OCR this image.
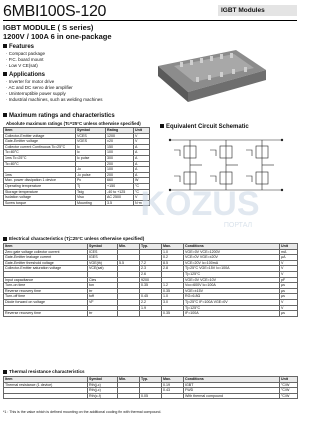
6MBI100S-120	IGBT Modules
IGBT MODULE ( S series)
1200V / 100A 6 in one-package
Features
· Compact package
· P.C. board mount
· Low V CE(sat)
Applications
· Inverter for motor drive
· AC and DC servo drive amplifier
· Uninterruptible power supply
· Industrial machines, such as welding machines
Maximum ratings and characteristics
Absolute maximum ratings (Tc=25°C unless otherwise specified)
Item	Symbol	Rating	Unit
Collector-Emitter voltage	VCES	1200	V
Gate-Emitter voltage	VGES	±20	V
Collector current Continuous Tc=25°C	Ic	150	A
Tc=80°C	Ic	100	A
1ms Tc=25°C	Ic pulse	300	A
Tc=80°C		200	A
	-Ic	100	A
1ms	-Ic pulse	200	A
Max. power dissipation 1 device	Pc	660	W
Operating temperature	Tj	+150	°C
Storage temperature	Tstg	-40 to +125	°C
Isolation voltage	Viso	AC 2500	V
Screw torque	Mounting	3.5	N·m
Equivalent Circuit Schematic
KOZUS
ПОРТАЛ
Electrical characteristics (Tj=25°C unless otherwise specified)
Item	Symbol	Min.	Typ.	Max.	Conditions	Unit
Zero gate voltage collector current	ICES			1.0	VGE=0V VCE=1200V	mA
Gate-Emitter leakage current	IGES			0.2	VCE=0V VGE=±20V	μA
Gate-Emitter threshold voltage	VGE(th)	5.5	7.2	8.5	VCE=20V Ic=100mA	V
Collector-Emitter saturation voltage	VCE(sat)		2.3	2.8	Tj=25°C VGE=15V Ic=100A	V
			2.6		Tj=125°C	V
Input capacitance	Cies		9200		VGE=0V VCE=10V	pF
Turn-on time	ton		0.35	1.2	Vcc=600V Ic=100A	μs
Reverse recovery time	trr			0.35	VGE=±15V	μs
Turn-off time	toff		0.45	1.0	RG=6.8Ω	μs
Diode forward on voltage	VF		2.2	3.0	Tj=25°C IF=100A VGE=0V	V
			1.9		Tj=125°C	V
Reverse recovery time	trr			0.35	IF=100A	μs
Thermal resistance characteristics
Item	Symbol	Min.	Typ.	Max.	Conditions	Unit
Thermal resistance (1 device)	Rth(j-c)			0.19	IGBT	°C/W
	Rth(j-c)			0.43	FWD	°C/W
	Rth(c-f)		0.05		With thermal compound	°C/W
*1 : This is the value which is defined mounting on the additional cooling fin with thermal compound.
